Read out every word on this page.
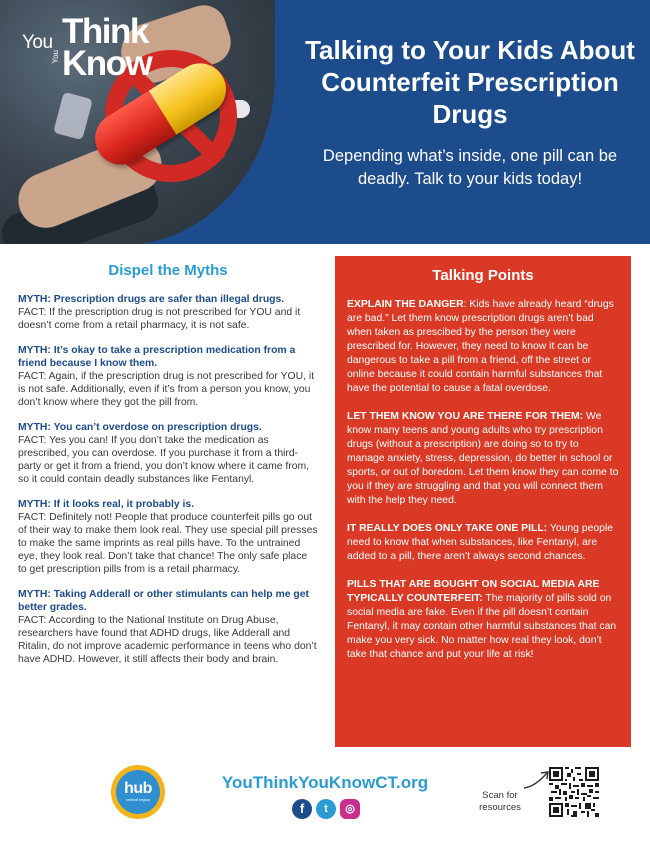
You Think
You Know	Talking to Your Kids About Counterfeit Prescription Drugs

Depending what’s inside, one pill can be deadly. Talk to your kids today!

Dispel the Myths
MYTH: Prescription drugs are safer than illegal drugs.
FACT: If the prescription drug is not prescribed for YOU and it doesn’t come from a retail pharmacy, it is not safe.
MYTH: It’s okay to take a prescription medication from a friend because I know them.
FACT: Again, if the prescription drug is not prescribed for YOU, it is not safe. Additionally, even if it’s from a person you know, you don’t know where they got the pill from.
MYTH: You can’t overdose on prescription drugs.
FACT: Yes you can! If you don’t take the medication as prescribed, you can overdose. If you purchase it from a third-party or get it from a friend, you don’t know where it came from, so it could contain deadly substances like Fentanyl.
MYTH: If it looks real, it probably is.
FACT: Definitely not! People that produce counterfeit pills go out of their way to make them look real. They use special pill presses to make the same imprints as real pills have. To the untrained eye, they look real. Don’t take that chance! The only safe place to get prescription pills from is a retail pharmacy.
MYTH: Taking Adderall or other stimulants can help me get better grades.
FACT: According to the National Institute on Drug Abuse, researchers have found that ADHD drugs, like Adderall and Ritalin, do not improve academic performance in teens who don’t have ADHD. However, it still affects their body and brain.
Talking Points

EXPLAIN THE DANGER: Kids have already heard “drugs are bad.” Let them know prescription drugs aren’t bad when taken as prescibed by the person they were prescribed for. However, they need to know it can be dangerous to take a pill from a friend, off the street or online because it could contain harmful substances that have the potential to cause a fatal overdose.

LET THEM KNOW YOU ARE THERE FOR THEM: We know many teens and young adults who try prescription drugs (without a prescription) are doing so to try to manage anxiety, stress, depression, do better in school or sports, or out of boredom. Let them know they can come to you if they are struggling and that you will connect them with the help they need.

IT REALLY DOES ONLY TAKE ONE PILL: Young people need to know that when substances, like Fentanyl, are added to a pill, there aren’t always second chances.

PILLS THAT ARE BOUGHT ON SOCIAL MEDIA ARE TYPICALLY COUNTERFEIT: The majority of pills sold on social media are fake. Even if the pill doesn’t contain Fentanyl, it may contain other harmful substances that can make you very sick. No matter how real they look, don’t take that chance and put your life at risk!

hub
central region
YouThinkYouKnowCT.org
f	t	◎

Scan for resources
